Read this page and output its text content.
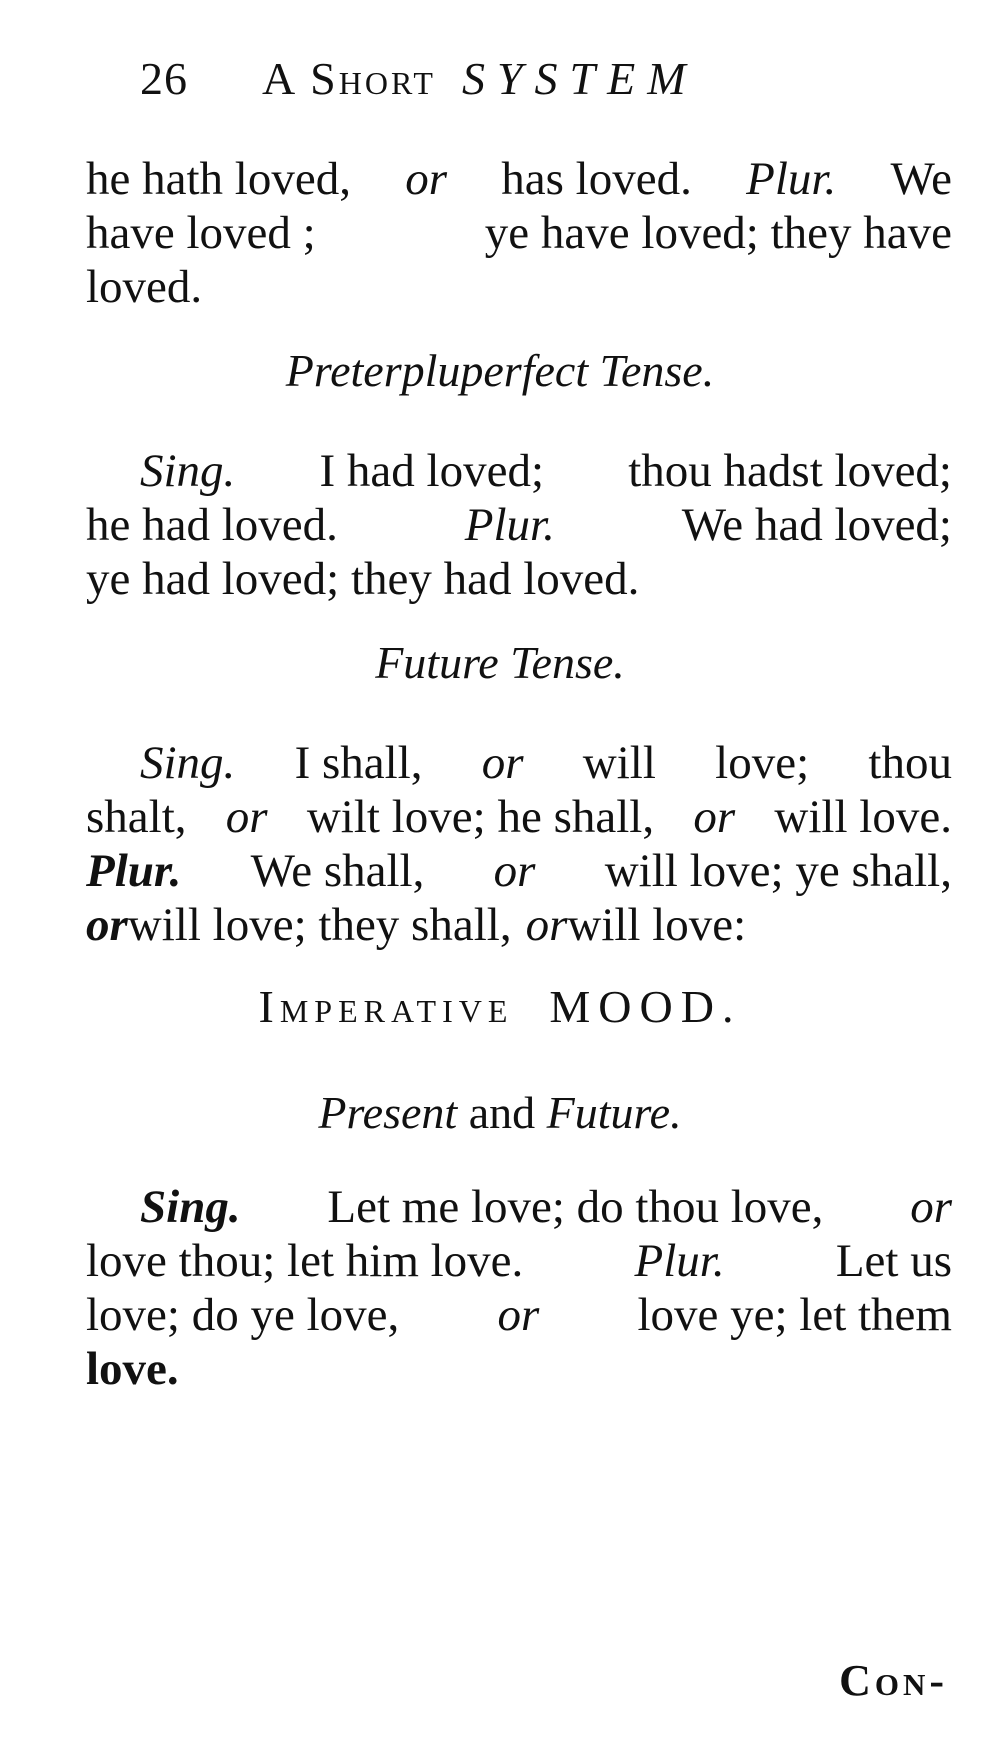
26 A Short SYSTEM
he hath loved, or has loved. Plur. We
have loved ;	ye have loved; they have
loved.
Preterpluperfect Tense.
Sing. I had loved; thou hadst loved;
he had loved.	Plur.	We had loved;
ye had loved; they had loved.
Future Tense.
Sing. I shall, or will love; thou
shalt, or wilt love; he shall, or will love.
Plur. We shall, or will love; ye shall,
or will love; they shall, or will love:
Imperative MOOD.
Present and Future.
Sing. Let me love; do thou love, or
love thou; let him love. Plur. Let us
love; do ye love, or love ye; let them
love.
Con-
